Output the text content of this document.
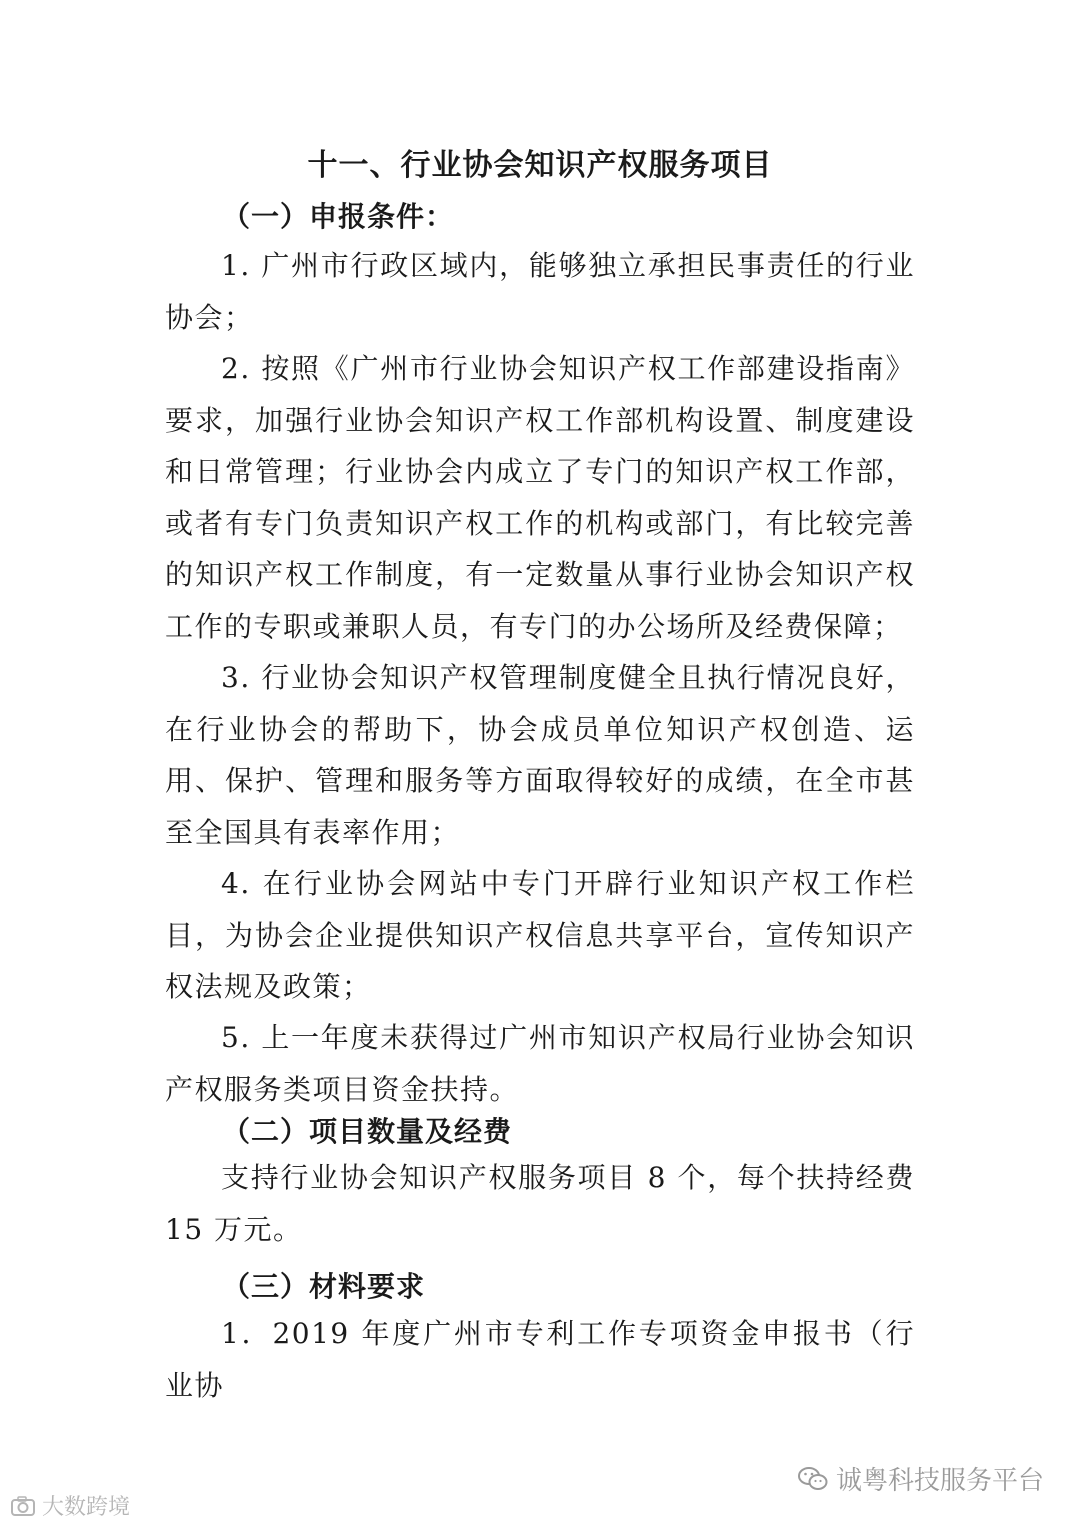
十一、行业协会知识产权服务项目
（一）申报条件：

1. 广州市行政区域内，能够独立承担民事责任的行业协会；

2. 按照《广州市行业协会知识产权工作部建设指南》要求，加强行业协会知识产权工作部机构设置、制度建设和日常管理；行业协会内成立了专门的知识产权工作部，或者有专门负责知识产权工作的机构或部门，有比较完善的知识产权工作制度，有一定数量从事行业协会知识产权工作的专职或兼职人员，有专门的办公场所及经费保障；

3. 行业协会知识产权管理制度健全且执行情况良好，在行业协会的帮助下，协会成员单位知识产权创造、运用、保护、管理和服务等方面取得较好的成绩，在全市甚至全国具有表率作用；

4. 在行业协会网站中专门开辟行业知识产权工作栏目，为协会企业提供知识产权信息共享平台，宣传知识产权法规及政策；

5. 上一年度未获得过广州市知识产权局行业协会知识产权服务类项目资金扶持。

（二）项目数量及经费

支持行业协会知识产权服务项目 8 个，每个扶持经费 15 万元。

（三）材料要求

1．2019 年度广州市专利工作专项资金申报书（行业协

诚粤科技服务平台
大数跨境
